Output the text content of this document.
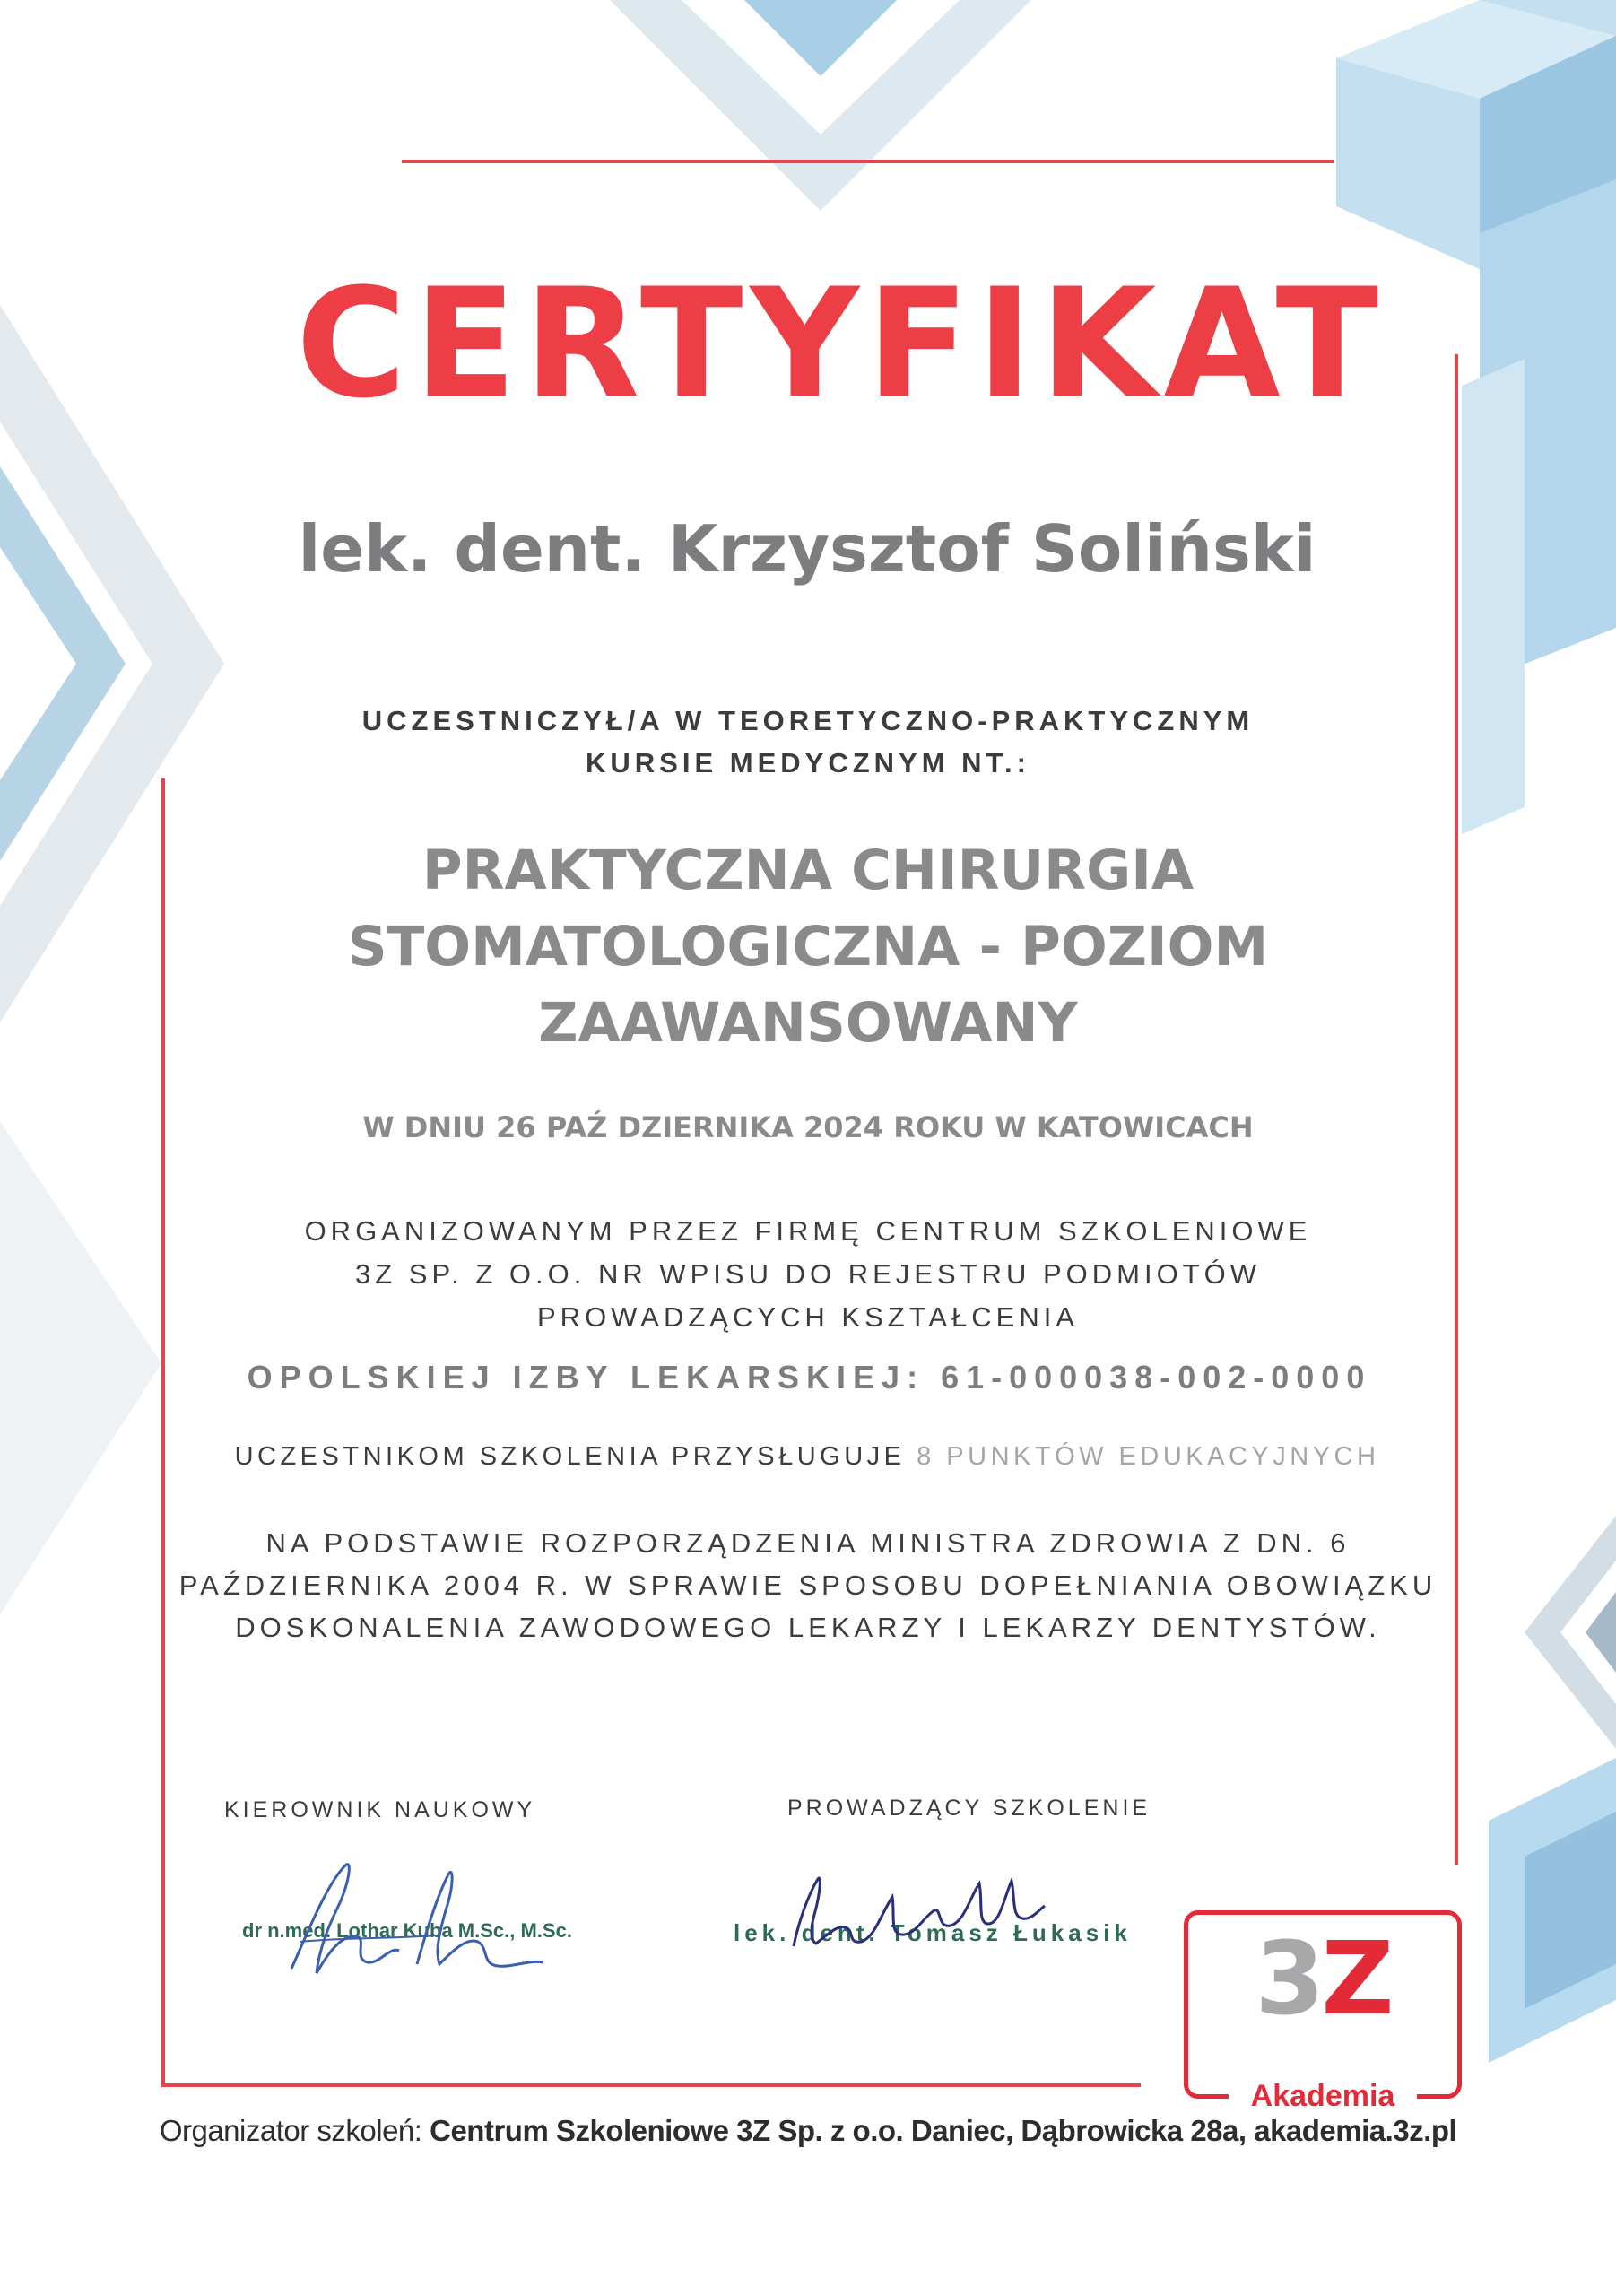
CERTYFIKAT
lek. dent. Krzysztof Soliński
UCZESTNICZYŁ/A W TEORETYCZNO-PRAKTYCZNYM
KURSIE MEDYCZNYM NT.:
PRAKTYCZNA CHIRURGIA
STOMATOLOGICZNA - POZIOM
ZAAWANSOWANY
W DNIU 26 PAŹ DZIERNIKA 2024 ROKU W KATOWICACH
ORGANIZOWANYM PRZEZ FIRMĘ CENTRUM SZKOLENIOWE
3Z SP. Z O.O. NR WPISU DO REJESTRU PODMIOTÓW
PROWADZĄCYCH KSZTAŁCENIA
OPOLSKIEJ IZBY LEKARSKIEJ: 61-000038-002-0000
UCZESTNIKOM SZKOLENIA PRZYSŁUGUJE 8 PUNKTÓW EDUKACYJNYCH
NA PODSTAWIE ROZPORZĄDZENIA MINISTRA ZDROWIA Z DN. 6
PAŹDZIERNIKA 2004 R. W SPRAWIE SPOSOBU DOPEŁNIANIA OBOWIĄZKU
DOSKONALENIA ZAWODOWEGO LEKARZY I LEKARZY DENTYSTÓW.
KIEROWNIK NAUKOWY	PROWADZĄCY SZKOLENIE
dr n.med. Lothar Kuba M.Sc., M.Sc.	lek. dent. Tomasz Łukasik
Organizator szkoleń: Centrum Szkoleniowe 3Z Sp. z o.o. Daniec, Dąbrowicka 28a, akademia.3z.pl
3Z
Akademia
